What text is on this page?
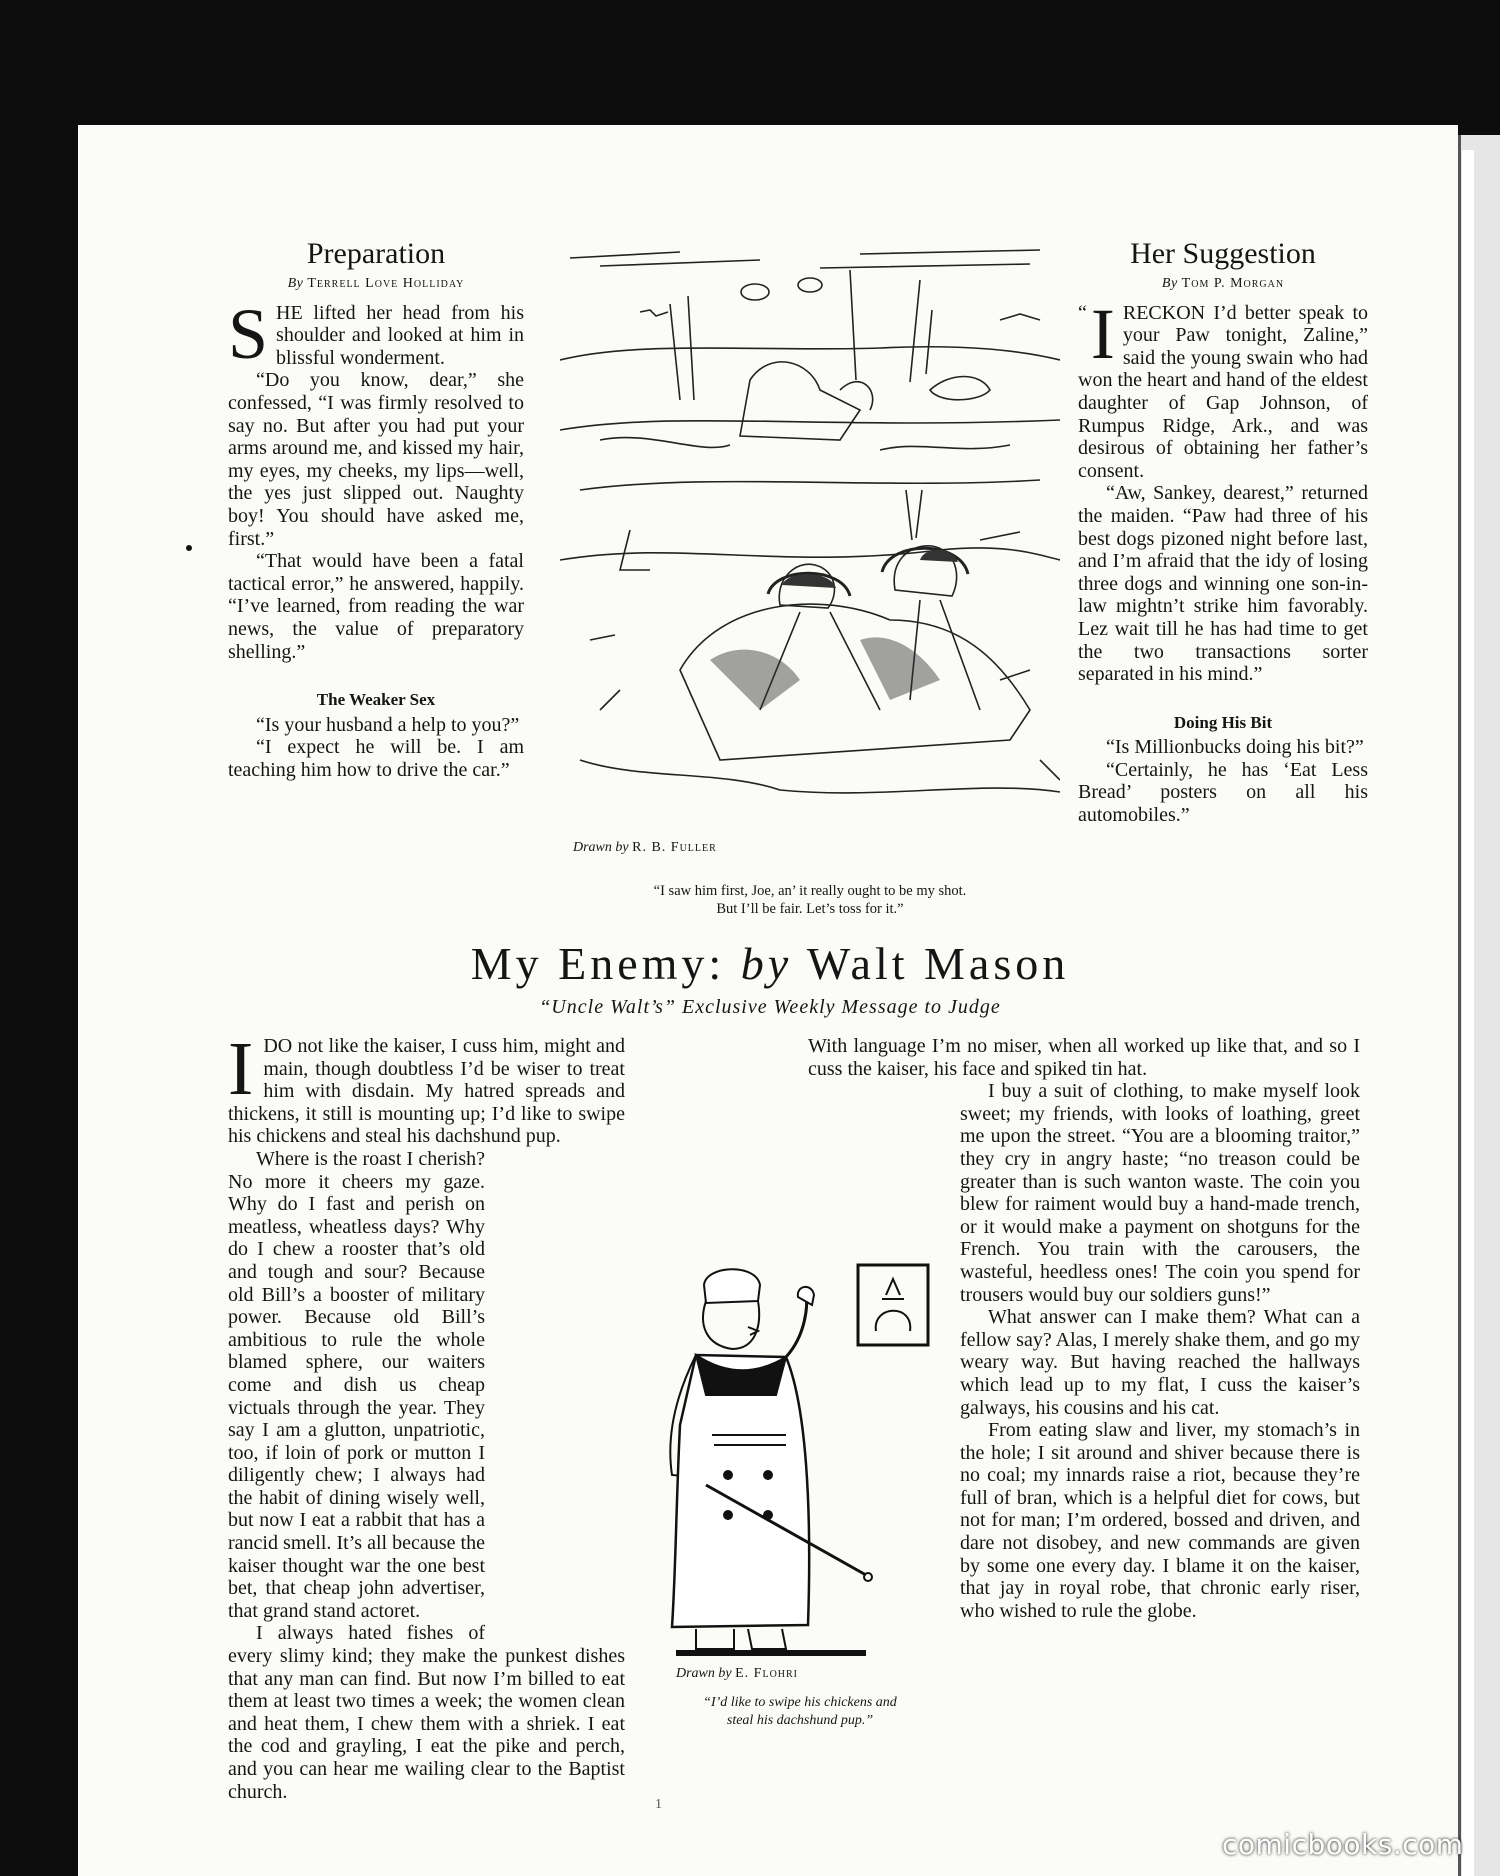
Preparation
By Terrell Love Holliday

SHE lifted her head from his shoulder and looked at him in blissful wonderment.

“Do you know, dear,” she confessed, “I was firmly resolved to say no. But after you had put your arms around me, and kissed my hair, my eyes, my cheeks, my lips—well, the yes just slipped out. Naughty boy! You should have asked me, first.”

“That would have been a fatal tactical error,” he answered, happily. “I’ve learned, from reading the war news, the value of preparatory shelling.”

The Weaker Sex

“Is your husband a help to you?”

“I expect he will be. I am teaching him how to drive the car.”

Drawn by R. B. Fuller
“I saw him first, Joe, an’ it really ought to be my shot.
But I’ll be fair. Let’s toss for it.”
Her Suggestion
By Tom P. Morgan

“ I RECKON I’d better speak to your Paw tonight, Zaline,” said the young swain who had won the heart and hand of the eldest daughter of Gap Johnson, of Rumpus Ridge, Ark., and was desirous of obtaining her father’s consent.

“Aw, Sankey, dearest,” returned the maiden. “Paw had three of his best dogs pizoned night before last, and I’m afraid that the idy of losing three dogs and winning one son-in-law mightn’t strike him favorably. Lez wait till he has had time to get the two transactions sorter separated in his mind.”

Doing His Bit

“Is Millionbucks doing his bit?”

“Certainly, he has ‘Eat Less Bread’ posters on all his automobiles.”

My Enemy: by Walt Mason
“Uncle Walt’s” Exclusive Weekly Message to Judge

IDO not like the kaiser, I cuss him, might and main, though doubtless I’d be wiser to treat him with disdain. My hatred spreads and thickens, it still is mounting up; I’d like to swipe his chickens and steal his dachshund pup.

Where is the roast I cherish? No more it cheers my gaze. Why do I fast and perish on meatless, wheatless days? Why do I chew a rooster that’s old and tough and sour? Because old Bill’s a booster of military power. Because old Bill’s ambitious to rule the whole blamed sphere, our waiters come and dish us cheap victuals through the year. They say I am a glutton, unpatriotic, too, if loin of pork or mutton I diligently chew; I always had the habit of dining wisely well, but now I eat a rabbit that has a rancid smell. It’s all because the kaiser thought war the one best bet, that cheap john advertiser, that grand stand actoret.

I always hated fishes of every slimy kind; they make the punkest dishes that any man can find. But now I’m billed to eat them at least two times a week; the women clean and heat them, I chew them with a shriek. I eat the cod and grayling, I eat the pike and perch, and you can hear me wailing clear to the Baptist church.

With language I’m no miser, when all worked up like that, and so I cuss the kaiser, his face and spiked tin hat.

I buy a suit of clothing, to make myself look sweet; my friends, with looks of loathing, greet me upon the street. “You are a blooming traitor,” they cry in angry haste; “no treason could be greater than is such wanton waste. The coin you blew for raiment would buy a hand-made trench, or it would make a payment on shotguns for the French. You train with the carousers, the wasteful, heedless ones! The coin you spend for trousers would buy our soldiers guns!”

What answer can I make them? What can a fellow say? Alas, I merely shake them, and go my weary way. But having reached the hallways which lead up to my flat, I cuss the kaiser’s galways, his cousins and his cat.

From eating slaw and liver, my stomach’s in the hole; I sit around and shiver because there is no coal; my innards raise a riot, because they’re full of bran, which is a helpful diet for cows, but not for man; I’m ordered, bossed and driven, and dare not disobey, and new commands are given by some one every day. I blame it on the kaiser, that jay in royal robe, that chronic early riser, who wished to rule the globe.

Drawn by E. Flohri
“I’d like to swipe his chickens and
steal his dachshund pup.”
1
comicbooks.com
